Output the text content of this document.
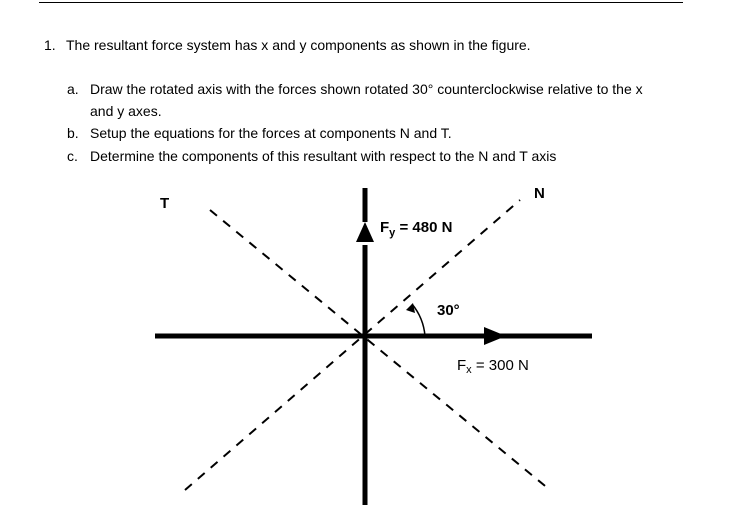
1. The resultant force system has x and y components as shown in the figure.
a. Draw the rotated axis with the forces shown rotated 30° counterclockwise relative to the x
and y axes.
b. Setup the equations for the forces at components N and T.
c. Determine the components of this resultant with respect to the N and T axis
T
N
$F_y = 480$ N
30°
$F_x = 300$ N
